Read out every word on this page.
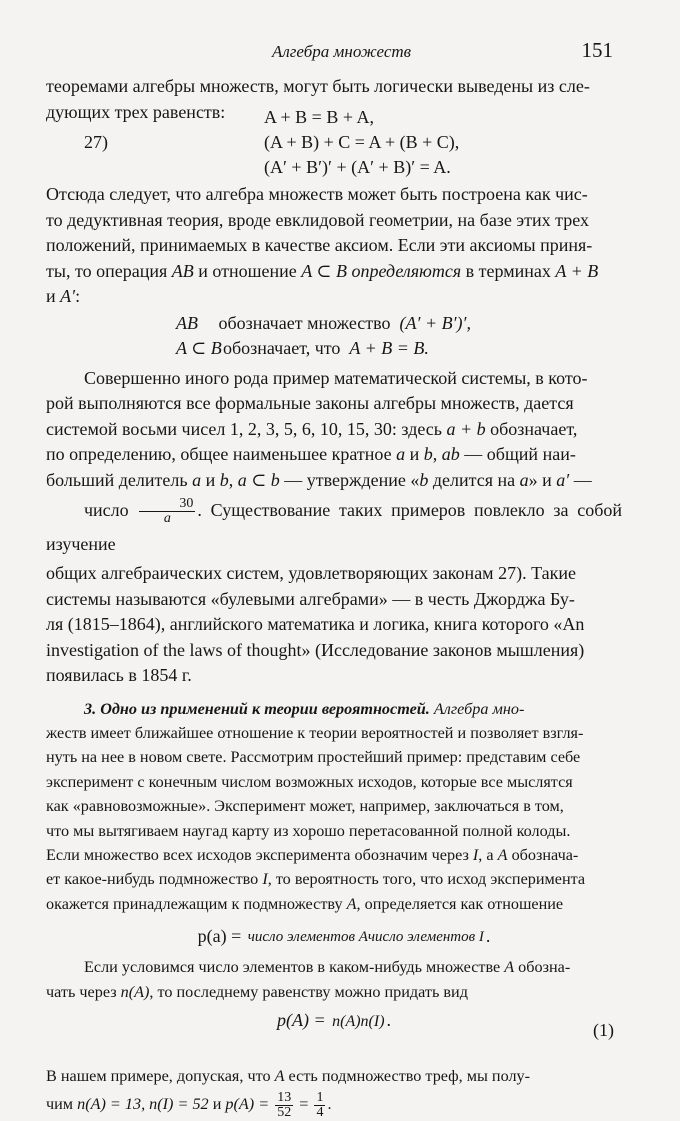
Алгебра множеств	151

теоремами алгебры множеств, могут быть логически выведены из сле-
дующих трех равенств:	A + B = B + A,
27)	(A + B) + C = A + (B + C),
(A′ + B′)′ + (A′ + B)′ = A.

Отсюда следует, что алгебра множеств может быть построена как чис-
то дедуктивная теория, вроде евклидовой геометрии, на базе этих трех
положений, принимаемых в качестве аксиом. Если эти аксиомы приня-
ты, то операция AB и отношение A ⊂ B определяются в терминах A + B
и A′:

AB обозначает множество (A′ + B′)′,
A ⊂ B  обозначает, что A + B = B.

Совершенно иного рода пример математической системы, в кото-
рой выполняются все формальные законы алгебры множеств, дается
системой восьми чисел 1, 2, 3, 5, 6, 10, 15, 30: здесь a + b обозначает,
по определению, общее наименьшее кратное a и b, ab — общий наи-
больший делитель a и b, a ⊂ b — утверждение «b делится на a» и a′ —
число $\frac{30}{a}$ . Существование таких примеров повлекло за собой изучение
общих алгебраических систем, удовлетворяющих законам 27). Такие
системы называются «булевыми алгебрами» — в честь Джорджа Бу-
ля (1815–1864), английского математика и логика, книга которого «An
investigation of the laws of thought» (Исследование законов мышления)
появилась в 1854 г.

3. Одно из применений к теории вероятностей. Алгебра мно-
жеств имеет ближайшее отношение к теории вероятностей и позволяет взгля-
нуть на нее в новом свете. Рассмотрим простейший пример: представим себе
эксперимент с конечным числом возможных исходов, которые все мыслятся
как «равновозможные». Эксперимент может, например, заключаться в том,
что мы вытягиваем наугад карту из хорошо перетасованной полной колоды.
Если множество всех исходов эксперимента обозначим через I, а A обознача-
ет какое-нибудь подмножество I, то вероятность того, что исход эксперимента
окажется принадлежащим к подмножеству A, определяется как отношение

p(a) = число элементов Aчисло элементов I .

Если условимся число элементов в каком-нибудь множестве A обозна-
чать через n(A), то последнему равенству можно придать вид

p(A) = n(A)n(I) .	(1)

В нашем примере, допуская, что A есть подмножество треф, мы полу-
чим n(A) = 13, n(I) = 52 и $p(A) = \frac{13}{52} = \frac{1}{4}$ .
